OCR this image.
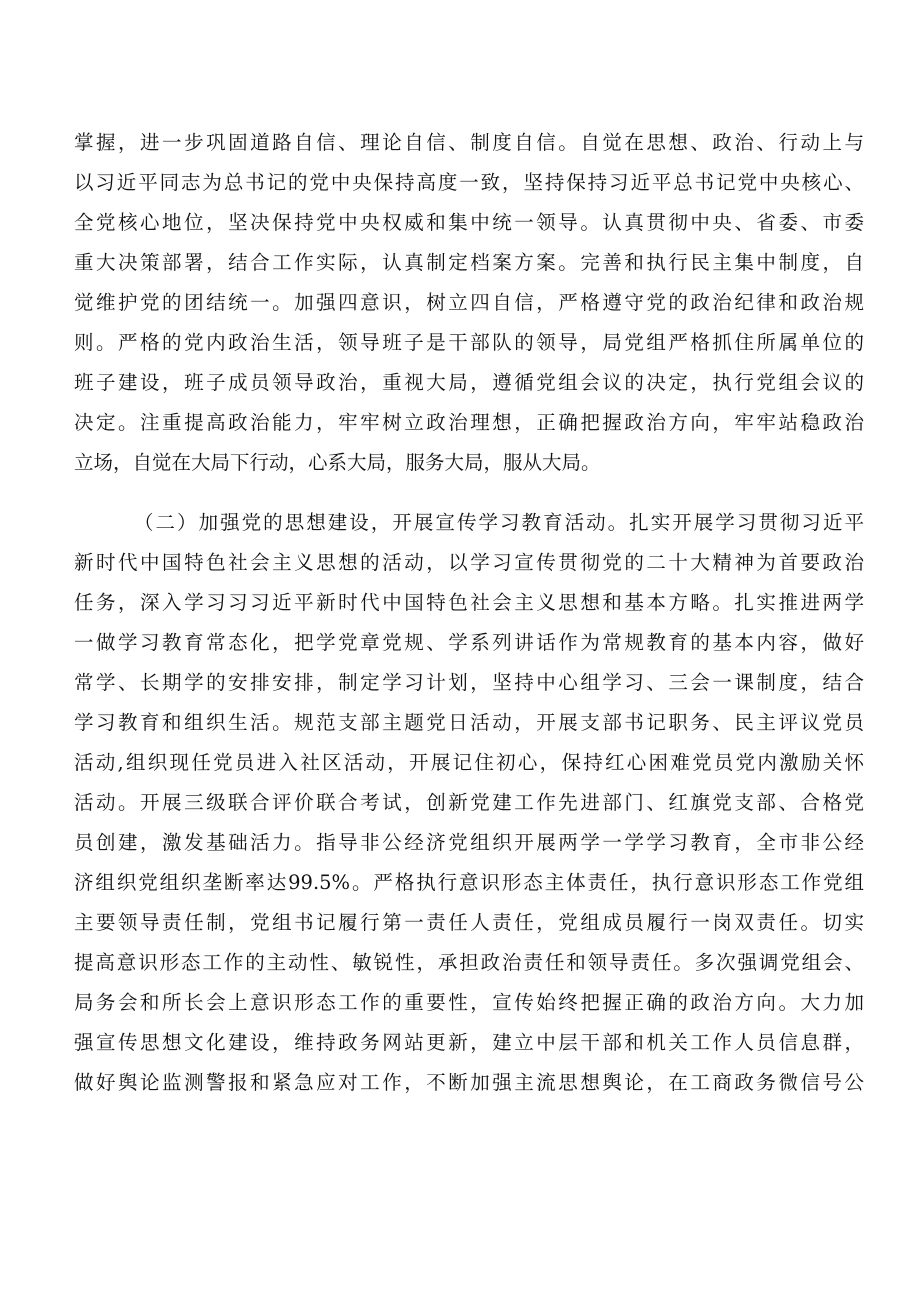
掌握，进一步巩固道路自信、理论自信、制度自信。自觉在思想、政治、行动上与
以习近平同志为总书记的党中央保持高度一致，坚持保持习近平总书记党中央核心、
全党核心地位，坚决保持党中央权威和集中统一领导。认真贯彻中央、省委、市委
重大决策部署，结合工作实际，认真制定档案方案。完善和执行民主集中制度，自
觉维护党的团结统一。加强四意识，树立四自信，严格遵守党的政治纪律和政治规
则。严格的党内政治生活，领导班子是干部队的领导，局党组严格抓住所属单位的
班子建设，班子成员领导政治，重视大局，遵循党组会议的决定，执行党组会议的
决定。注重提高政治能力，牢牢树立政治理想，正确把握政治方向，牢牢站稳政治
立场，自觉在大局下行动，心系大局，服务大局，服从大局。
（二）加强党的思想建设，开展宣传学习教育活动。扎实开展学习贯彻习近平
新时代中国特色社会主义思想的活动，以学习宣传贯彻党的二十大精神为首要政治
任务，深入学习习习近平新时代中国特色社会主义思想和基本方略。扎实推进两学
一做学习教育常态化，把学党章党规、学系列讲话作为常规教育的基本内容，做好
常学、长期学的安排安排，制定学习计划，坚持中心组学习、三会一课制度，结合
学习教育和组织生活。规范支部主题党日活动，开展支部书记职务、民主评议党员
活动,组织现任党员进入社区活动，开展记住初心，保持红心困难党员党内激励关怀
活动。开展三级联合评价联合考试，创新党建工作先进部门、红旗党支部、合格党
员创建，激发基础活力。指导非公经济党组织开展两学一学学习教育，全市非公经
济组织党组织垄断率达99.5%。严格执行意识形态主体责任，执行意识形态工作党组
主要领导责任制，党组书记履行第一责任人责任，党组成员履行一岗双责任。切实
提高意识形态工作的主动性、敏锐性，承担政治责任和领导责任。多次强调党组会、
局务会和所长会上意识形态工作的重要性，宣传始终把握正确的政治方向。大力加
强宣传思想文化建设，维持政务网站更新，建立中层干部和机关工作人员信息群，
做好舆论监测警报和紧急应对工作，不断加强主流思想舆论，在工商政务微信号公
